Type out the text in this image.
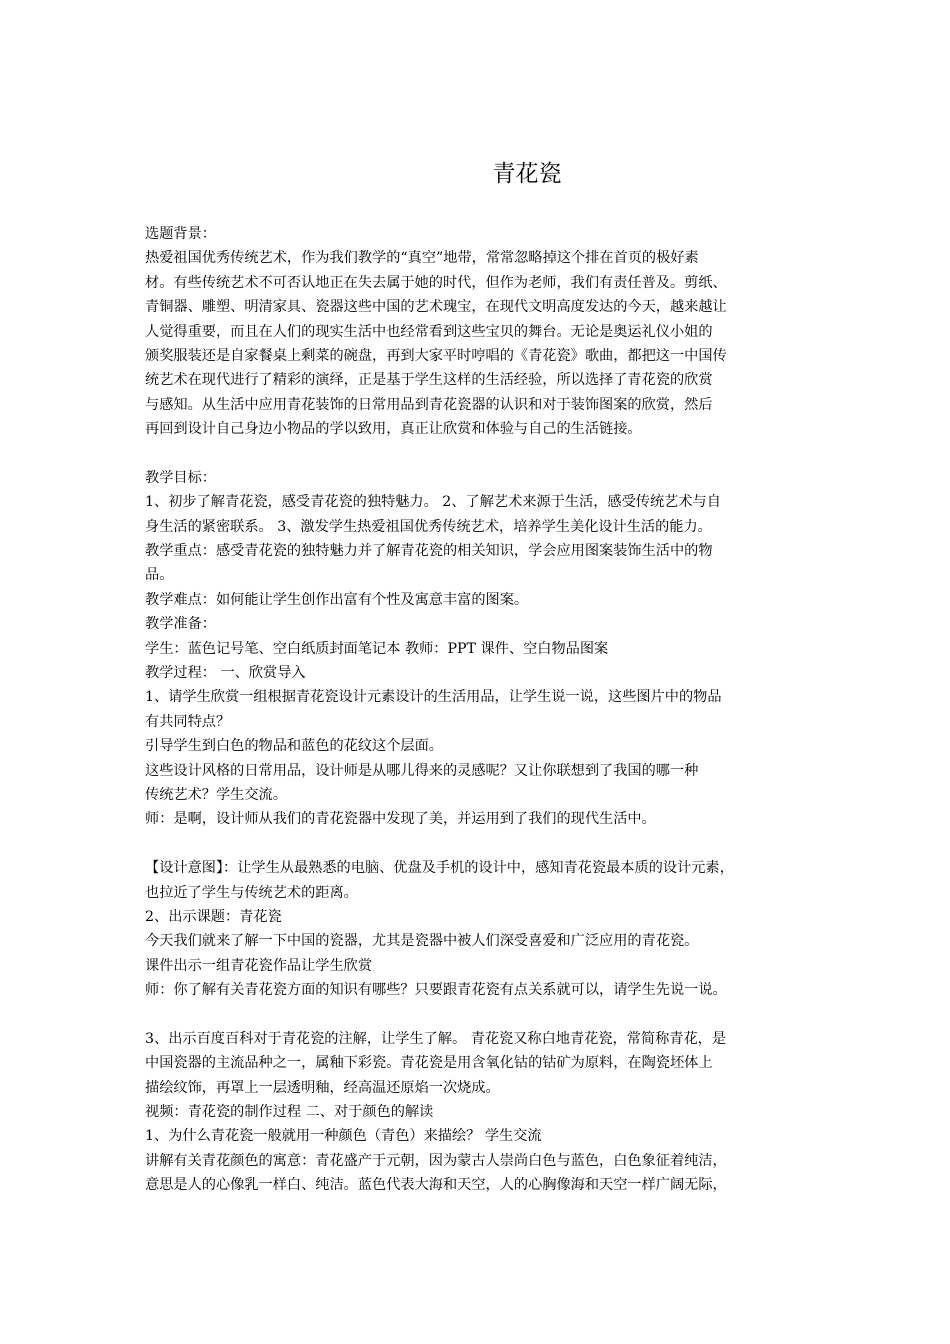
青花瓷
选题背景：
热爱祖国优秀传统艺术，作为我们教学的“真空”地带，常常忽略掉这个排在首页的极好素
材。有些传统艺术不可否认地正在失去属于她的时代，但作为老师，我们有责任普及。剪纸、
青铜器、雕塑、明清家具、瓷器这些中国的艺术瑰宝，在现代文明高度发达的今天，越来越让
人觉得重要，而且在人们的现实生活中也经常看到这些宝贝的舞台。无论是奥运礼仪小姐的
颁奖服装还是自家餐桌上剩菜的碗盘，再到大家平时哼唱的《青花瓷》歌曲，都把这一中国传
统艺术在现代进行了精彩的演绎，正是基于学生这样的生活经验，所以选择了青花瓷的欣赏
与感知。从生活中应用青花装饰的日常用品到青花瓷器的认识和对于装饰图案的欣赏，然后
再回到设计自己身边小物品的学以致用，真正让欣赏和体验与自己的生活链接。
教学目标：
1、初步了解青花瓷，感受青花瓷的独特魅力。 2、了解艺术来源于生活，感受传统艺术与自
身生活的紧密联系。 3、激发学生热爱祖国优秀传统艺术，培养学生美化设计生活的能力。
教学重点：感受青花瓷的独特魅力并了解青花瓷的相关知识，学会应用图案装饰生活中的物
品。
教学难点：如何能让学生创作出富有个性及寓意丰富的图案。
教学准备：
学生：蓝色记号笔、空白纸质封面笔记本 教师：PPT 课件、空白物品图案
教学过程： 一、欣赏导入
1、请学生欣赏一组根据青花瓷设计元素设计的生活用品，让学生说一说，这些图片中的物品
有共同特点？
引导学生到白色的物品和蓝色的花纹这个层面。
这些设计风格的日常用品，设计师是从哪儿得来的灵感呢？又让你联想到了我国的哪一种
传统艺术？学生交流。
师：是啊，设计师从我们的青花瓷器中发现了美，并运用到了我们的现代生活中。
【设计意图】：让学生从最熟悉的电脑、优盘及手机的设计中，感知青花瓷最本质的设计元素，
也拉近了学生与传统艺术的距离。
2、出示课题：青花瓷
今天我们就来了解一下中国的瓷器，尤其是瓷器中被人们深受喜爱和广泛应用的青花瓷。
课件出示一组青花瓷作品让学生欣赏
师：你了解有关青花瓷方面的知识有哪些？只要跟青花瓷有点关系就可以，请学生先说一说。
3、出示百度百科对于青花瓷的注解，让学生了解。 青花瓷又称白地青花瓷，常简称青花，是
中国瓷器的主流品种之一，属釉下彩瓷。青花瓷是用含氧化钴的钴矿为原料，在陶瓷坯体上
描绘纹饰，再罩上一层透明釉，经高温还原焰一次烧成。
视频：青花瓷的制作过程 二、对于颜色的解读
1、为什么青花瓷一般就用一种颜色（青色）来描绘？ 学生交流
讲解有关青花颜色的寓意：青花盛产于元朝，因为蒙古人崇尚白色与蓝色，白色象征着纯洁，
意思是人的心像乳一样白、纯洁。蓝色代表大海和天空，人的心胸像海和天空一样广阔无际，
